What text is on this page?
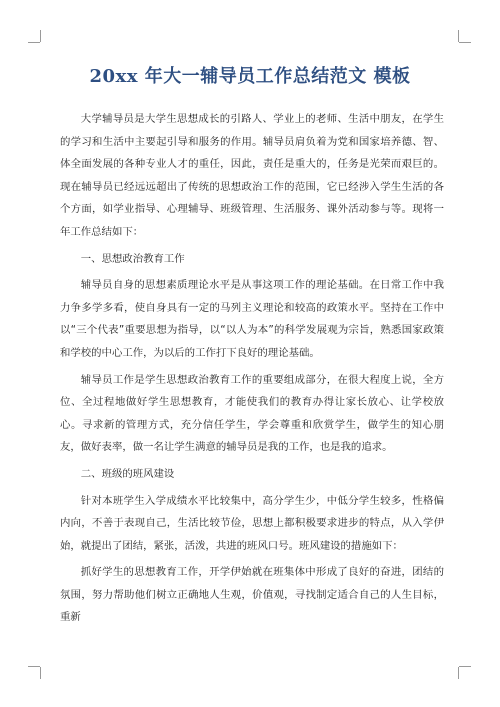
20xx 年大一辅导员工作总结范文 模板

大学辅导员是大学生思想成长的引路人、学业上的老师、生活中朋友，在学生的学习和生活中主要起引导和服务的作用。辅导员肩负着为党和国家培养德、智、体全面发展的各种专业人才的重任，因此，责任是重大的，任务是光荣而艰巨的。现在辅导员已经远远超出了传统的思想政治工作的范围，它已经涉入学生生活的各个方面，如学业指导、心理辅导、班级管理、生活服务、课外活动参与等。现将一年工作总结如下：

一、思想政治教育工作

辅导员自身的思想素质理论水平是从事这项工作的理论基础。在日常工作中我力争多学多看，使自身具有一定的马列主义理论和较高的政策水平。坚持在工作中以“三个代表”重要思想为指导，以“以人为本”的科学发展观为宗旨，熟悉国家政策和学校的中心工作，为以后的工作打下良好的理论基础。

辅导员工作是学生思想政治教育工作的重要组成部分，在很大程度上说，全方位、全过程地做好学生思想教育，才能使我们的教育办得让家长放心、让学校放心。寻求新的管理方式，充分信任学生，学会尊重和欣赏学生，做学生的知心朋友，做好表率，做一名让学生满意的辅导员是我的工作，也是我的追求。

二、班级的班风建设

针对本班学生入学成绩水平比较集中，高分学生少，中低分学生较多，性格偏内向，不善于表现自己，生活比较节俭，思想上都积极要求进步的特点，从入学伊始，就提出了团结，紧张，活泼，共进的班风口号。班风建设的措施如下：

抓好学生的思想教育工作，开学伊始就在班集体中形成了良好的奋进，团结的氛围，努力帮助他们树立正确地人生观，价值观，寻找制定适合自己的人生目标，重新
